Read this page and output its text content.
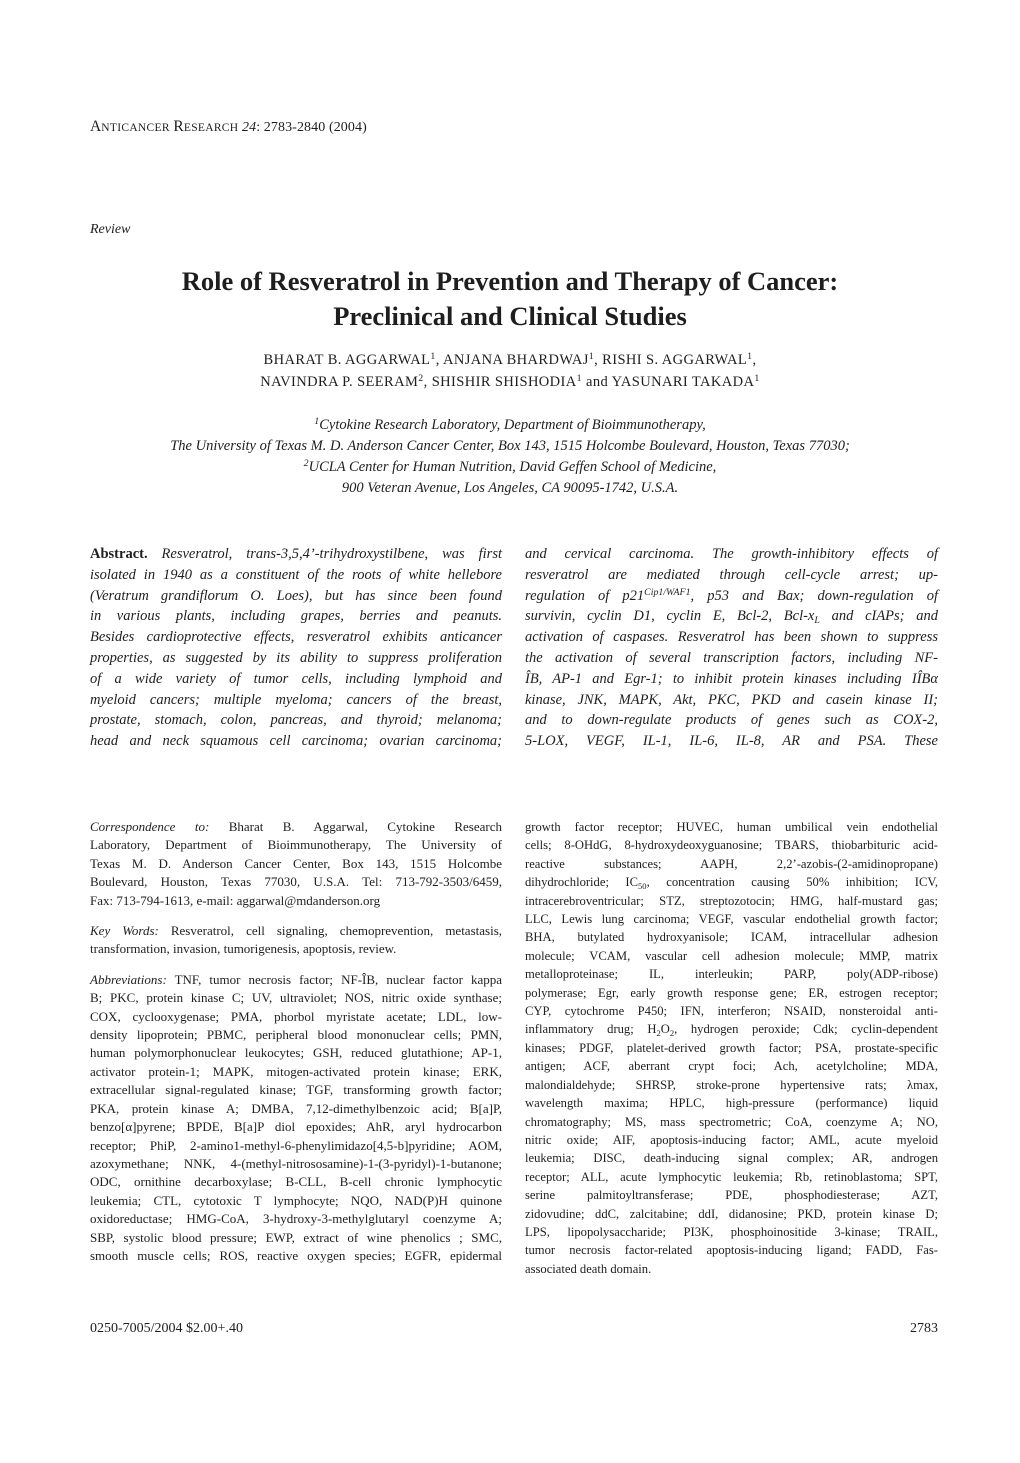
ANTICANCER RESEARCH 24: 2783-2840 (2004)
Review
Role of Resveratrol in Prevention and Therapy of Cancer:
Preclinical and Clinical Studies
BHARAT B. AGGARWAL$^1$, ANJANA BHARDWAJ$^1$, RISHI S. AGGARWAL$^1$,
NAVINDRA P. SEERAM$^2$, SHISHIR SHISHODIA$^1$ and YASUNARI TAKADA$^1$
$^1$Cytokine Research Laboratory, Department of Bioimmunotherapy,
The University of Texas M. D. Anderson Cancer Center, Box 143, 1515 Holcombe Boulevard, Houston, Texas 77030;
$^2$UCLA Center for Human Nutrition, David Geffen School of Medicine,
900 Veteran Avenue, Los Angeles, CA 90095-1742, U.S.A.
Abstract. Resveratrol, trans-3,5,4’-trihydroxystilbene, was first
isolated in 1940 as a constituent of the roots of white hellebore
(Veratrum grandiflorum O. Loes), but has since been found
in various plants, including grapes, berries and peanuts.
Besides cardioprotective effects, resveratrol exhibits anticancer
properties, as suggested by its ability to suppress proliferation
of a wide variety of tumor cells, including lymphoid and
myeloid cancers; multiple myeloma; cancers of the breast,
prostate, stomach, colon, pancreas, and thyroid; melanoma;
head and neck squamous cell carcinoma; ovarian carcinoma;
and cervical carcinoma. The growth-inhibitory effects of
resveratrol are mediated through cell-cycle arrest; up-
regulation of $p21^{Cip1/WAF1}$, p53 and Bax; down-regulation of
survivin, cyclin D1, cyclin E, Bcl-2, Bcl-$x_L$ and cIAPs; and
activation of caspases. Resveratrol has been shown to suppress
the activation of several transcription factors, including NF-
ÎB, AP-1 and Egr-1; to inhibit protein kinases including IÎBα
kinase, JNK, MAPK, Akt, PKC, PKD and casein kinase II;
and to down-regulate products of genes such as COX-2,
5-LOX, VEGF, IL-1, IL-6, IL-8, AR and PSA. These
Correspondence to: Bharat B. Aggarwal, Cytokine Research
Laboratory, Department of Bioimmunotherapy, The University of
Texas M. D. Anderson Cancer Center, Box 143, 1515 Holcombe
Boulevard, Houston, Texas 77030, U.S.A. Tel: 713-792-3503/6459,
Fax: 713-794-1613, e-mail: aggarwal@mdanderson.org
Key Words: Resveratrol, cell signaling, chemoprevention, metastasis,
transformation, invasion, tumorigenesis, apoptosis, review.
Abbreviations: TNF, tumor necrosis factor; NF-ÎB, nuclear factor kappa
B; PKC, protein kinase C; UV, ultraviolet; NOS, nitric oxide synthase;
COX, cyclooxygenase; PMA, phorbol myristate acetate; LDL, low-
density lipoprotein; PBMC, peripheral blood mononuclear cells; PMN,
human polymorphonuclear leukocytes; GSH, reduced glutathione; AP-1,
activator protein-1; MAPK, mitogen-activated protein kinase; ERK,
extracellular signal-regulated kinase; TGF, transforming growth factor;
PKA, protein kinase A; DMBA, 7,12-dimethylbenzoic acid; B[a]P,
benzo[α]pyrene; BPDE, B[a]P diol epoxides; AhR, aryl hydrocarbon
receptor; PhiP, 2-amino1-methyl-6-phenylimidazo[4,5-b]pyridine; AOM,
azoxymethane; NNK, 4-(methyl-nitrososamine)-1-(3-pyridyl)-1-butanone;
ODC, ornithine decarboxylase; B-CLL, B-cell chronic lymphocytic
leukemia; CTL, cytotoxic T lymphocyte; NQO, NAD(P)H quinone
oxidoreductase; HMG-CoA, 3-hydroxy-3-methylglutaryl coenzyme A;
SBP, systolic blood pressure; EWP, extract of wine phenolics ; SMC,
smooth muscle cells; ROS, reactive oxygen species; EGFR, epidermal
growth factor receptor; HUVEC, human umbilical vein endothelial
cells; 8-OHdG, 8-hydroxydeoxyguanosine; TBARS, thiobarbituric acid-
reactive substances; AAPH, 2,2’-azobis-(2-amidinopropane)
dihydrochloride; $IC_{50}$, concentration causing 50% inhibition; ICV,
intracerebroventricular; STZ, streptozotocin; HMG, half-mustard gas;
LLC, Lewis lung carcinoma; VEGF, vascular endothelial growth factor;
BHA, butylated hydroxyanisole; ICAM, intracellular adhesion
molecule; VCAM, vascular cell adhesion molecule; MMP, matrix
metalloproteinase; IL, interleukin; PARP, poly(ADP-ribose)
polymerase; Egr, early growth response gene; ER, estrogen receptor;
CYP, cytochrome P450; IFN, interferon; NSAID, nonsteroidal anti-
inflammatory drug; $H_2O_2$, hydrogen peroxide; Cdk; cyclin-dependent
kinases; PDGF, platelet-derived growth factor; PSA, prostate-specific
antigen; ACF, aberrant crypt foci; Ach, acetylcholine; MDA,
malondialdehyde; SHRSP, stroke-prone hypertensive rats; λmax,
wavelength maxima; HPLC, high-pressure (performance) liquid
chromatography; MS, mass spectrometric; CoA, coenzyme A; NO,
nitric oxide; AIF, apoptosis-inducing factor; AML, acute myeloid
leukemia; DISC, death-inducing signal complex; AR, androgen
receptor; ALL, acute lymphocytic leukemia; Rb, retinoblastoma; SPT,
serine palmitoyltransferase; PDE, phosphodiesterase; AZT,
zidovudine; ddC, zalcitabine; ddI, didanosine; PKD, protein kinase D;
LPS, lipopolysaccharide; PI3K, phosphoinositide 3-kinase; TRAIL,
tumor necrosis factor-related apoptosis-inducing ligand; FADD, Fas-
associated death domain.
0250-7005/2004 $2.00+.40	2783
